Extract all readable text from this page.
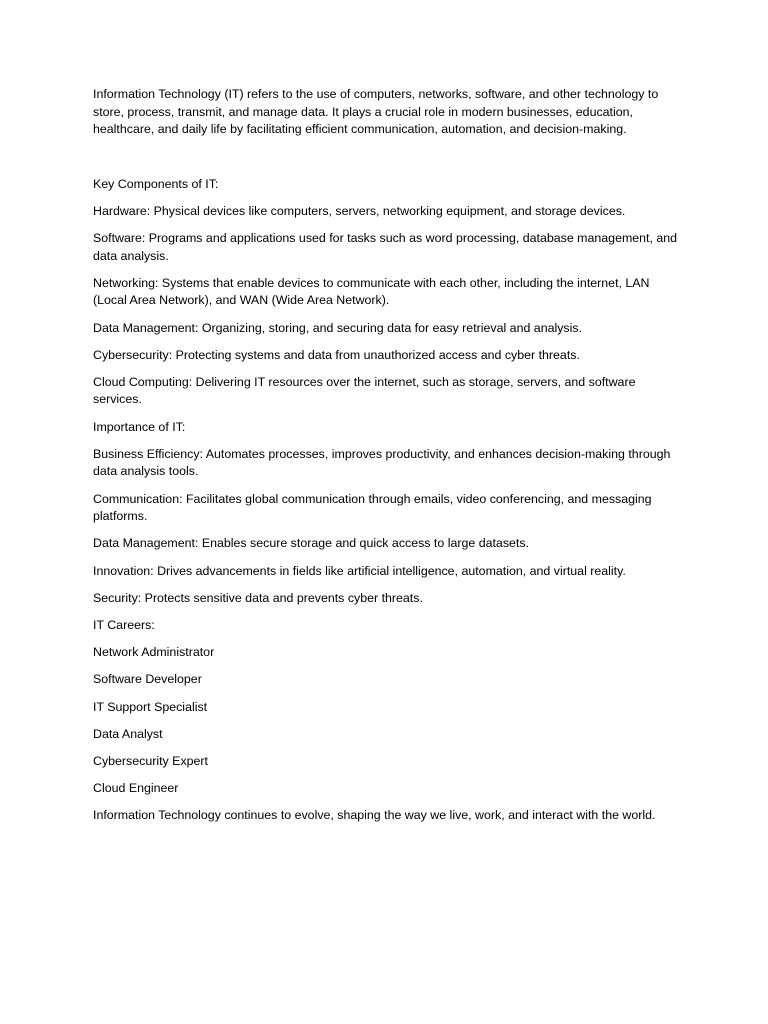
Information Technology (IT) refers to the use of computers, networks, software, and other technology to store, process, transmit, and manage data. It plays a crucial role in modern businesses, education, healthcare, and daily life by facilitating efficient communication, automation, and decision-making.

Key Components of IT:

Hardware: Physical devices like computers, servers, networking equipment, and storage devices.

Software: Programs and applications used for tasks such as word processing, database management, and data analysis.

Networking: Systems that enable devices to communicate with each other, including the internet, LAN (Local Area Network), and WAN (Wide Area Network).

Data Management: Organizing, storing, and securing data for easy retrieval and analysis.

Cybersecurity: Protecting systems and data from unauthorized access and cyber threats.

Cloud Computing: Delivering IT resources over the internet, such as storage, servers, and software services.

Importance of IT:

Business Efficiency: Automates processes, improves productivity, and enhances decision-making through data analysis tools.

Communication: Facilitates global communication through emails, video conferencing, and messaging platforms.

Data Management: Enables secure storage and quick access to large datasets.

Innovation: Drives advancements in fields like artificial intelligence, automation, and virtual reality.

Security: Protects sensitive data and prevents cyber threats.

IT Careers:

Network Administrator

Software Developer

IT Support Specialist

Data Analyst

Cybersecurity Expert

Cloud Engineer

Information Technology continues to evolve, shaping the way we live, work, and interact with the world.
